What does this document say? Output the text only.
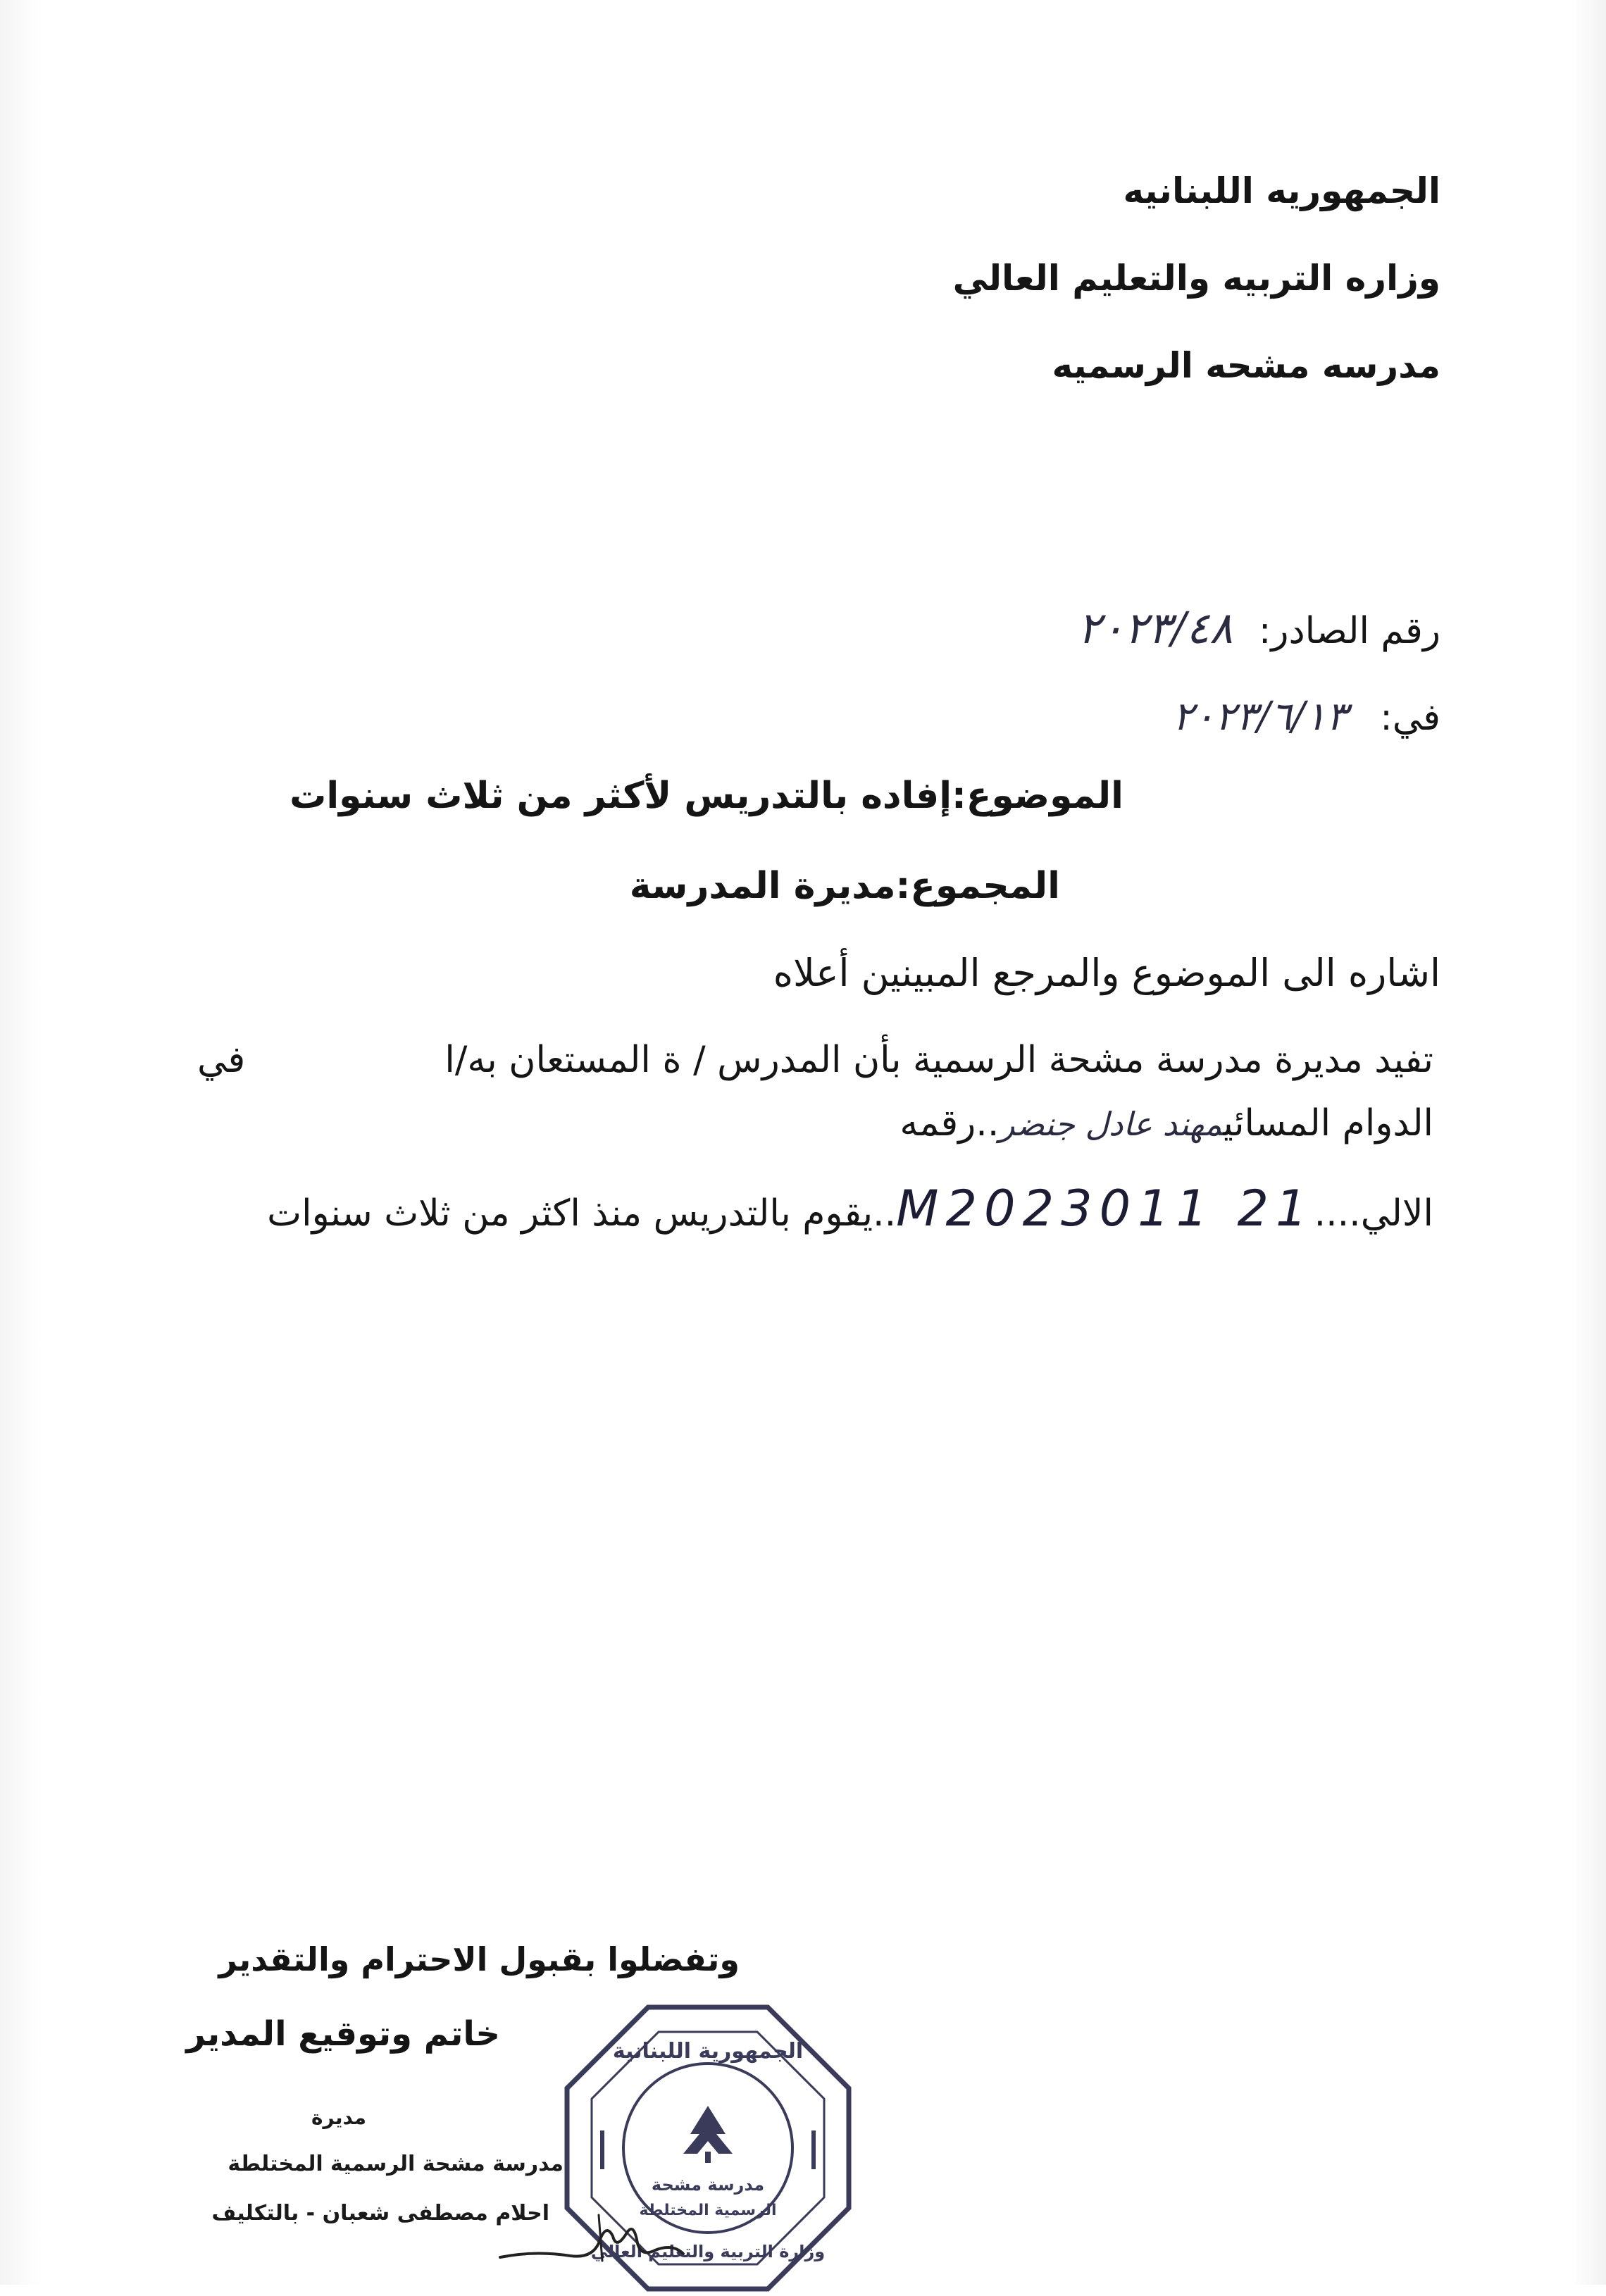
الجمهوريه اللبنانيه
وزاره التربيه والتعليم العالي
مدرسه مشحه الرسميه
رقم الصادر: ٢٠٢٣/٤٨
في: ٢٠٢٣/٦/١٣
الموضوع:إفاده بالتدريس لأكثر من ثلاث سنوات
المجموع:مديرة المدرسة
اشاره الى الموضوع والمرجع المبينين أعلاه
تفيد مديرة مدرسة مشحة الرسمية بأن المدرس / ة المستعان به/ا
في
الدوام المسائيمهند عادل جنضر..رقمه
الالي....M2023011 21..يقوم بالتدريس منذ اكثر من ثلاث سنوات
وتفضلوا بقبول الاحترام والتقدير
خاتم وتوقيع المدير
مديرة
مدرسة مشحة الرسمية المختلطة
احلام مصطفى شعبان - بالتكليف
مدرسة مشحة
الرسمية المختلطة
الجمهورية اللبنانية
وزارة التربية والتعليم العالي
